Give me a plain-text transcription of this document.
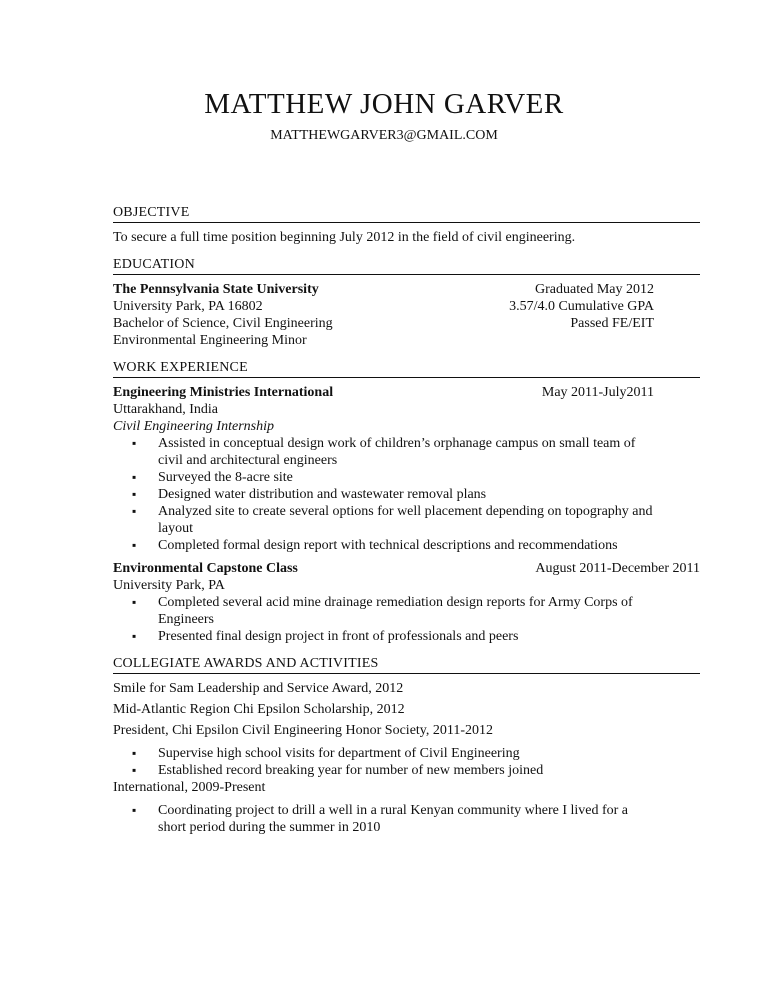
MATTHEW JOHN GARVER
MATTHEWGARVER3@GMAIL.COM
OBJECTIVE
To secure a full time position beginning July 2012 in the field of civil engineering.
EDUCATION
The Pennsylvania State University	Graduated May 2012
University Park, PA 16802	3.57/4.0 Cumulative GPA
Bachelor of Science, Civil Engineering	Passed FE/EIT
Environmental Engineering Minor
WORK EXPERIENCE
Engineering Ministries International	May 2011-July2011
Uttarakhand, India
Civil Engineering Internship
▪ Assisted in conceptual design work of children’s orphanage campus on small team of civil and architectural engineers
▪ Surveyed the 8-acre site
▪ Designed water distribution and wastewater removal plans
▪ Analyzed site to create several options for well placement depending on topography and layout
▪ Completed formal design report with technical descriptions and recommendations
Environmental Capstone Class	August 2011-December 2011
University Park, PA
▪ Completed several acid mine drainage remediation design reports for Army Corps of Engineers
▪ Presented final design project in front of professionals and peers
COLLEGIATE AWARDS AND ACTIVITIES
Smile for Sam Leadership and Service Award, 2012
Mid-Atlantic Region Chi Epsilon Scholarship, 2012
President, Chi Epsilon Civil Engineering Honor Society, 2011-2012
▪ Supervise high school visits for department of Civil Engineering
▪ Established record breaking year for number of new members joined
International, 2009-Present
▪ Coordinating project to drill a well in a rural Kenyan community where I lived for a short period during the summer in 2010
